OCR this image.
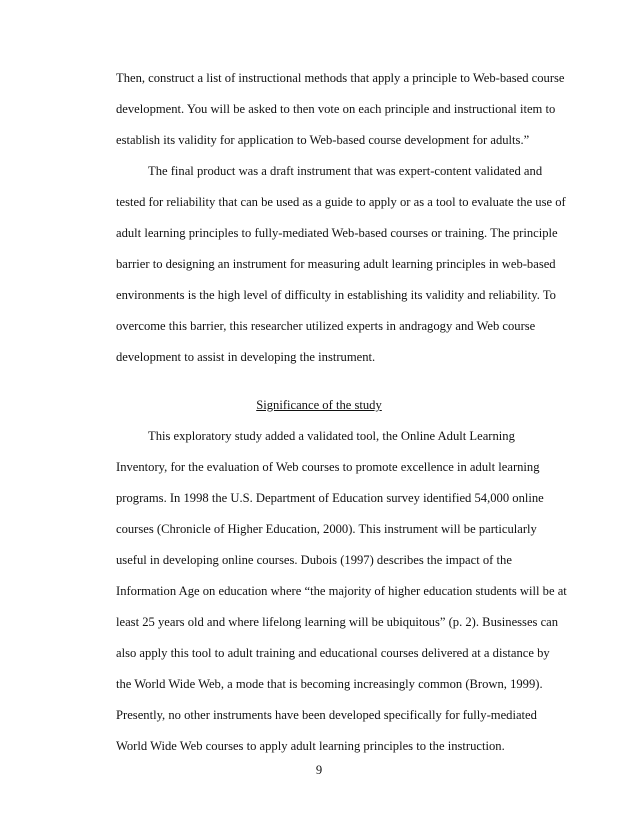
Then, construct a list of instructional methods that apply a principle to Web-based course
development. You will be asked to then vote on each principle and instructional item to
establish its validity for application to Web-based course development for adults.”
The final product was a draft instrument that was expert-content validated and
tested for reliability that can be used as a guide to apply or as a tool to evaluate the use of
adult learning principles to fully-mediated Web-based courses or training. The principle
barrier to designing an instrument for measuring adult learning principles in web-based
environments is the high level of difficulty in establishing its validity and reliability. To
overcome this barrier, this researcher utilized experts in andragogy and Web course
development to assist in developing the instrument.
Significance of the study
This exploratory study added a validated tool, the Online Adult Learning
Inventory, for the evaluation of Web courses to promote excellence in adult learning
programs. In 1998 the U.S. Department of Education survey identified 54,000 online
courses (Chronicle of Higher Education, 2000). This instrument will be particularly
useful in developing online courses. Dubois (1997) describes the impact of the
Information Age on education where “the majority of higher education students will be at
least 25 years old and where lifelong learning will be ubiquitous” (p. 2). Businesses can
also apply this tool to adult training and educational courses delivered at a distance by
the World Wide Web, a mode that is becoming increasingly common (Brown, 1999).
Presently, no other instruments have been developed specifically for fully-mediated
World Wide Web courses to apply adult learning principles to the instruction.
9
